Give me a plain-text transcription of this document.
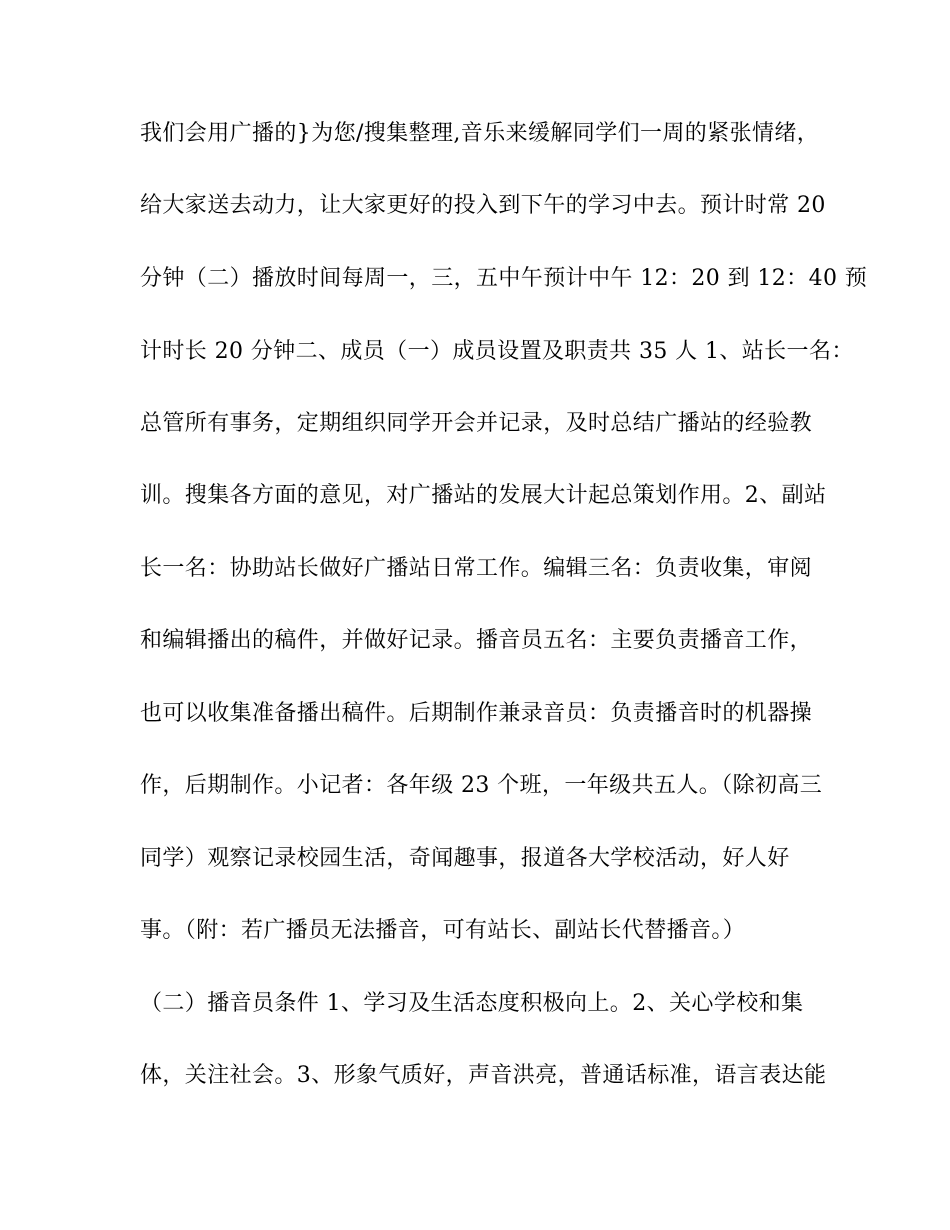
我们会用广播的}为您/搜集整理,音乐来缓解同学们一周的紧张情绪，
给大家送去动力，让大家更好的投入到下午的学习中去。预计时常 20
分钟（二）播放时间每周一，三，五中午预计中午 12：20 到 12：40 预
计时长 20 分钟二、成员（一）成员设置及职责共 35 人 1、站长一名：
总管所有事务，定期组织同学开会并记录，及时总结广播站的经验教
训。搜集各方面的意见，对广播站的发展大计起总策划作用。2、副站
长一名：协助站长做好广播站日常工作。编辑三名：负责收集，审阅
和编辑播出的稿件，并做好记录。播音员五名：主要负责播音工作，
也可以收集准备播出稿件。后期制作兼录音员：负责播音时的机器操
作，后期制作。小记者：各年级 23 个班，一年级共五人。（除初高三
同学）观察记录校园生活，奇闻趣事，报道各大学校活动，好人好
事。（附：若广播员无法播音，可有站长、副站长代替播音。）
（二）播音员条件 1、学习及生活态度积极向上。2、关心学校和集
体，关注社会。3、形象气质好，声音洪亮，普通话标准，语言表达能
